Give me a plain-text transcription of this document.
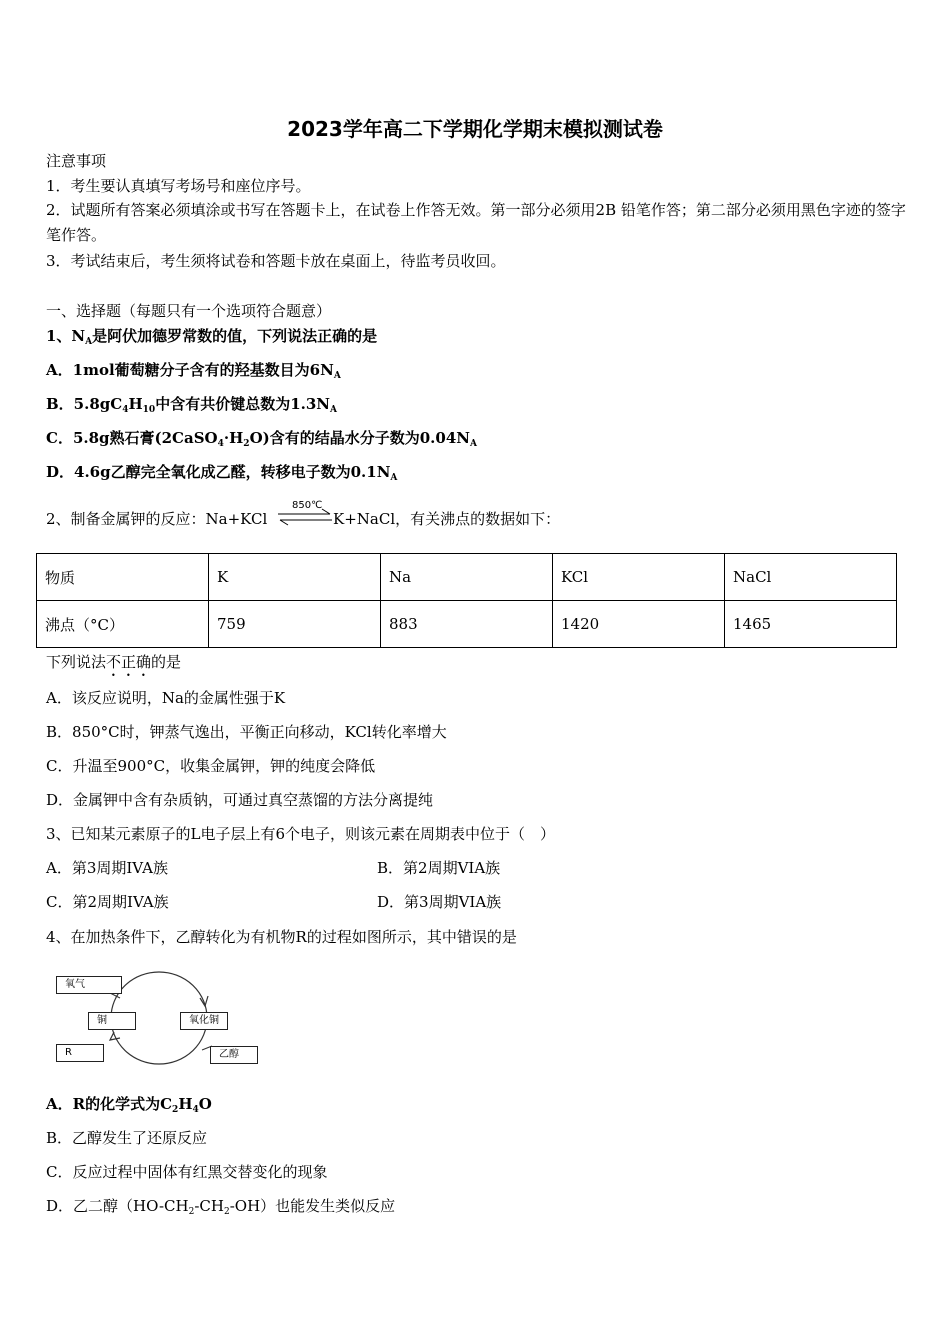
2023学年高二下学期化学期末模拟测试卷
注意事项
1．考生要认真填写考场号和座位序号。
2．试题所有答案必须填涂或书写在答题卡上，在试卷上作答无效。第一部分必须用2B 铅笔作答；第二部分必须用黑色字迹的签字笔作答。
3．考试结束后，考生须将试卷和答题卡放在桌面上，待监考员收回。
一、选择题（每题只有一个选项符合题意）
1、$N_A$是阿伏加德罗常数的值，下列说法正确的是
A．1mol葡萄糖分子含有的羟基数目为$6N_A$
B．$5.8gC_4H_{10}$中含有共价键总数为$1.3N_A$
C．5.8g熟石膏$(2CaSO_4\cdot H_2O)$含有的结晶水分子数为$0.04N_A$
D．4.6g乙醇完全氧化成乙醛，转移电子数为$0.1N_A$
2、制备金属钾的反应：Na+KCl
850℃
K+NaCl，有关沸点的数据如下：
物质	K	Na	KCl	NaCl
沸点（°C）	759	883	1420	1465
下列说法不正确的是
A．该反应说明，Na的金属性强于K
B．850°C时，钾蒸气逸出，平衡正向移动，KCl转化率增大
C．升温至900°C，收集金属钾，钾的纯度会降低
D．金属钾中含有杂质钠，可通过真空蒸馏的方法分离提纯
3、已知某元素原子的L电子层上有6个电子，则该元素在周期表中位于（　）
A．第3周期IVA族	B．第2周期VIA族
C．第2周期IVA族	D．第3周期VIA族
4、在加热条件下，乙醇转化为有机物R的过程如图所示，其中错误的是
氧气
铜	氧化铜
R	乙醇
A．R的化学式为$C_2H_4O$
B．乙醇发生了还原反应
C．反应过程中固体有红黑交替变化的现象
D．乙二醇$(HO-CH_2-CH_2-OH)$也能发生类似反应
